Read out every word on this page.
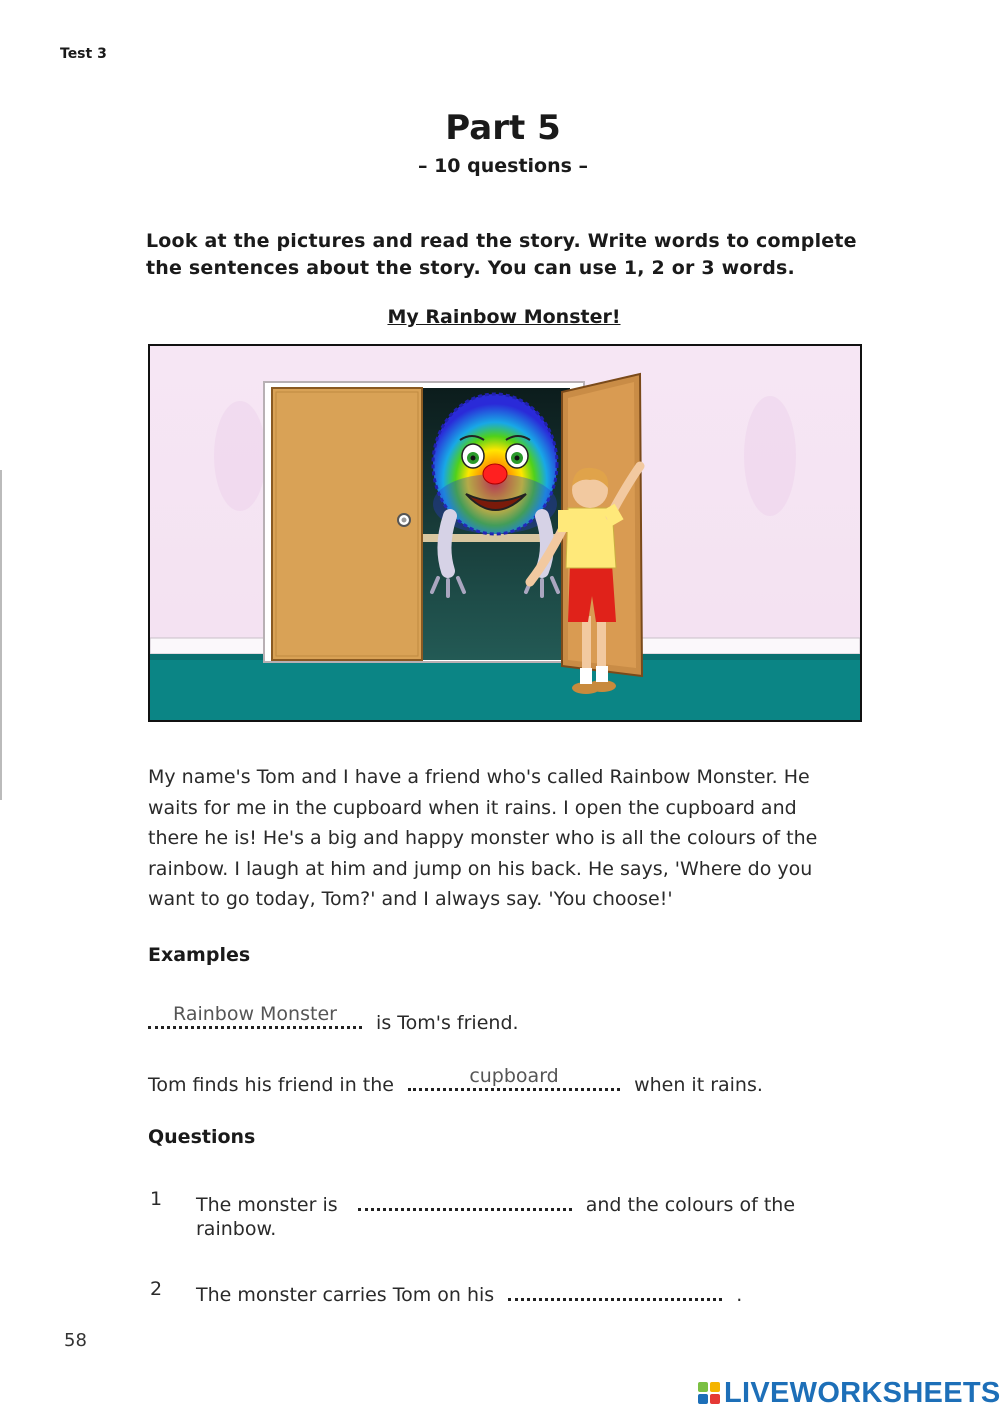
Test 3
Part 5
– 10 questions –
Look at the pictures and read the story. Write words to complete
the sentences about the story. You can use 1, 2 or 3 words.
My Rainbow Monster!
My name's Tom and I have a friend who's called Rainbow Monster. He
waits for me in the cupboard when it rains. I open the cupboard and
there he is! He's a big and happy monster who is all the colours of the
rainbow. I laugh at him and jump on his back. He says, 'Where do you
want to go today, Tom?' and I always say. 'You choose!'
Examples
Rainbow Monster	is Tom's friend.
Tom finds his friend in the	cupboard	when it rains.
Questions
1 The monster is	and the colours of the
rainbow.
2 The monster carries Tom on his	.
58
LIVEWORKSHEETS
